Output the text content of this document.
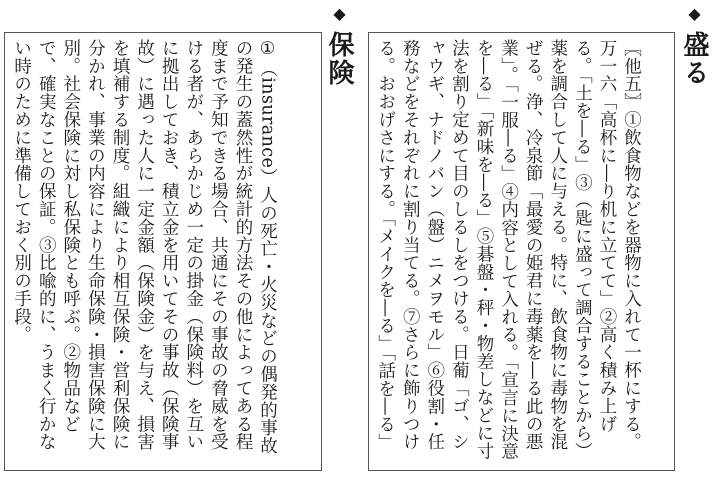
◆盛る
〖他五〗①飲食物などを器物に入れて一杯にする。万一六「高杯に―り机に立てて」②高く積み上げる。「土を―る」③（匙に盛って調合することから）薬を調合して人に与える。特に、飲食物に毒物を混ぜる。浄、冷泉節「最愛の姫君に毒薬を―る此の悪業」。「一服―る」④内容として入れる。「宣言に決意を―る」「新味を―る」⑤碁盤・秤・物差しなどに寸法を割り定めて目のしるしをつける。日葡「ゴ、シャウギ、ナドノバン（盤）ニメヲモル」⑥役割・任務などをそれぞれに割り当てる。⑦さらに飾りつける。おおげさにする。「メイクを―る」「話を―る」
◆保険
①（insurance）人の死亡・火災などの偶発的事故の発生の蓋然性が統計的方法その他によってある程度まで予知できる場合、共通にその事故の脅威を受ける者が、あらかじめ一定の掛金（保険料）を互いに拠出しておき、積立金を用いてその事故（保険事故）に遇った人に一定金額（保険金）を与え、損害を填補する制度。組織により相互保険・営利保険に分かれ、事業の内容により生命保険・損害保険に大別。社会保険に対し私保険とも呼ぶ。②物品などで、確実なことの保証。③比喩的に、うまく行かない時のために準備しておく別の手段。
